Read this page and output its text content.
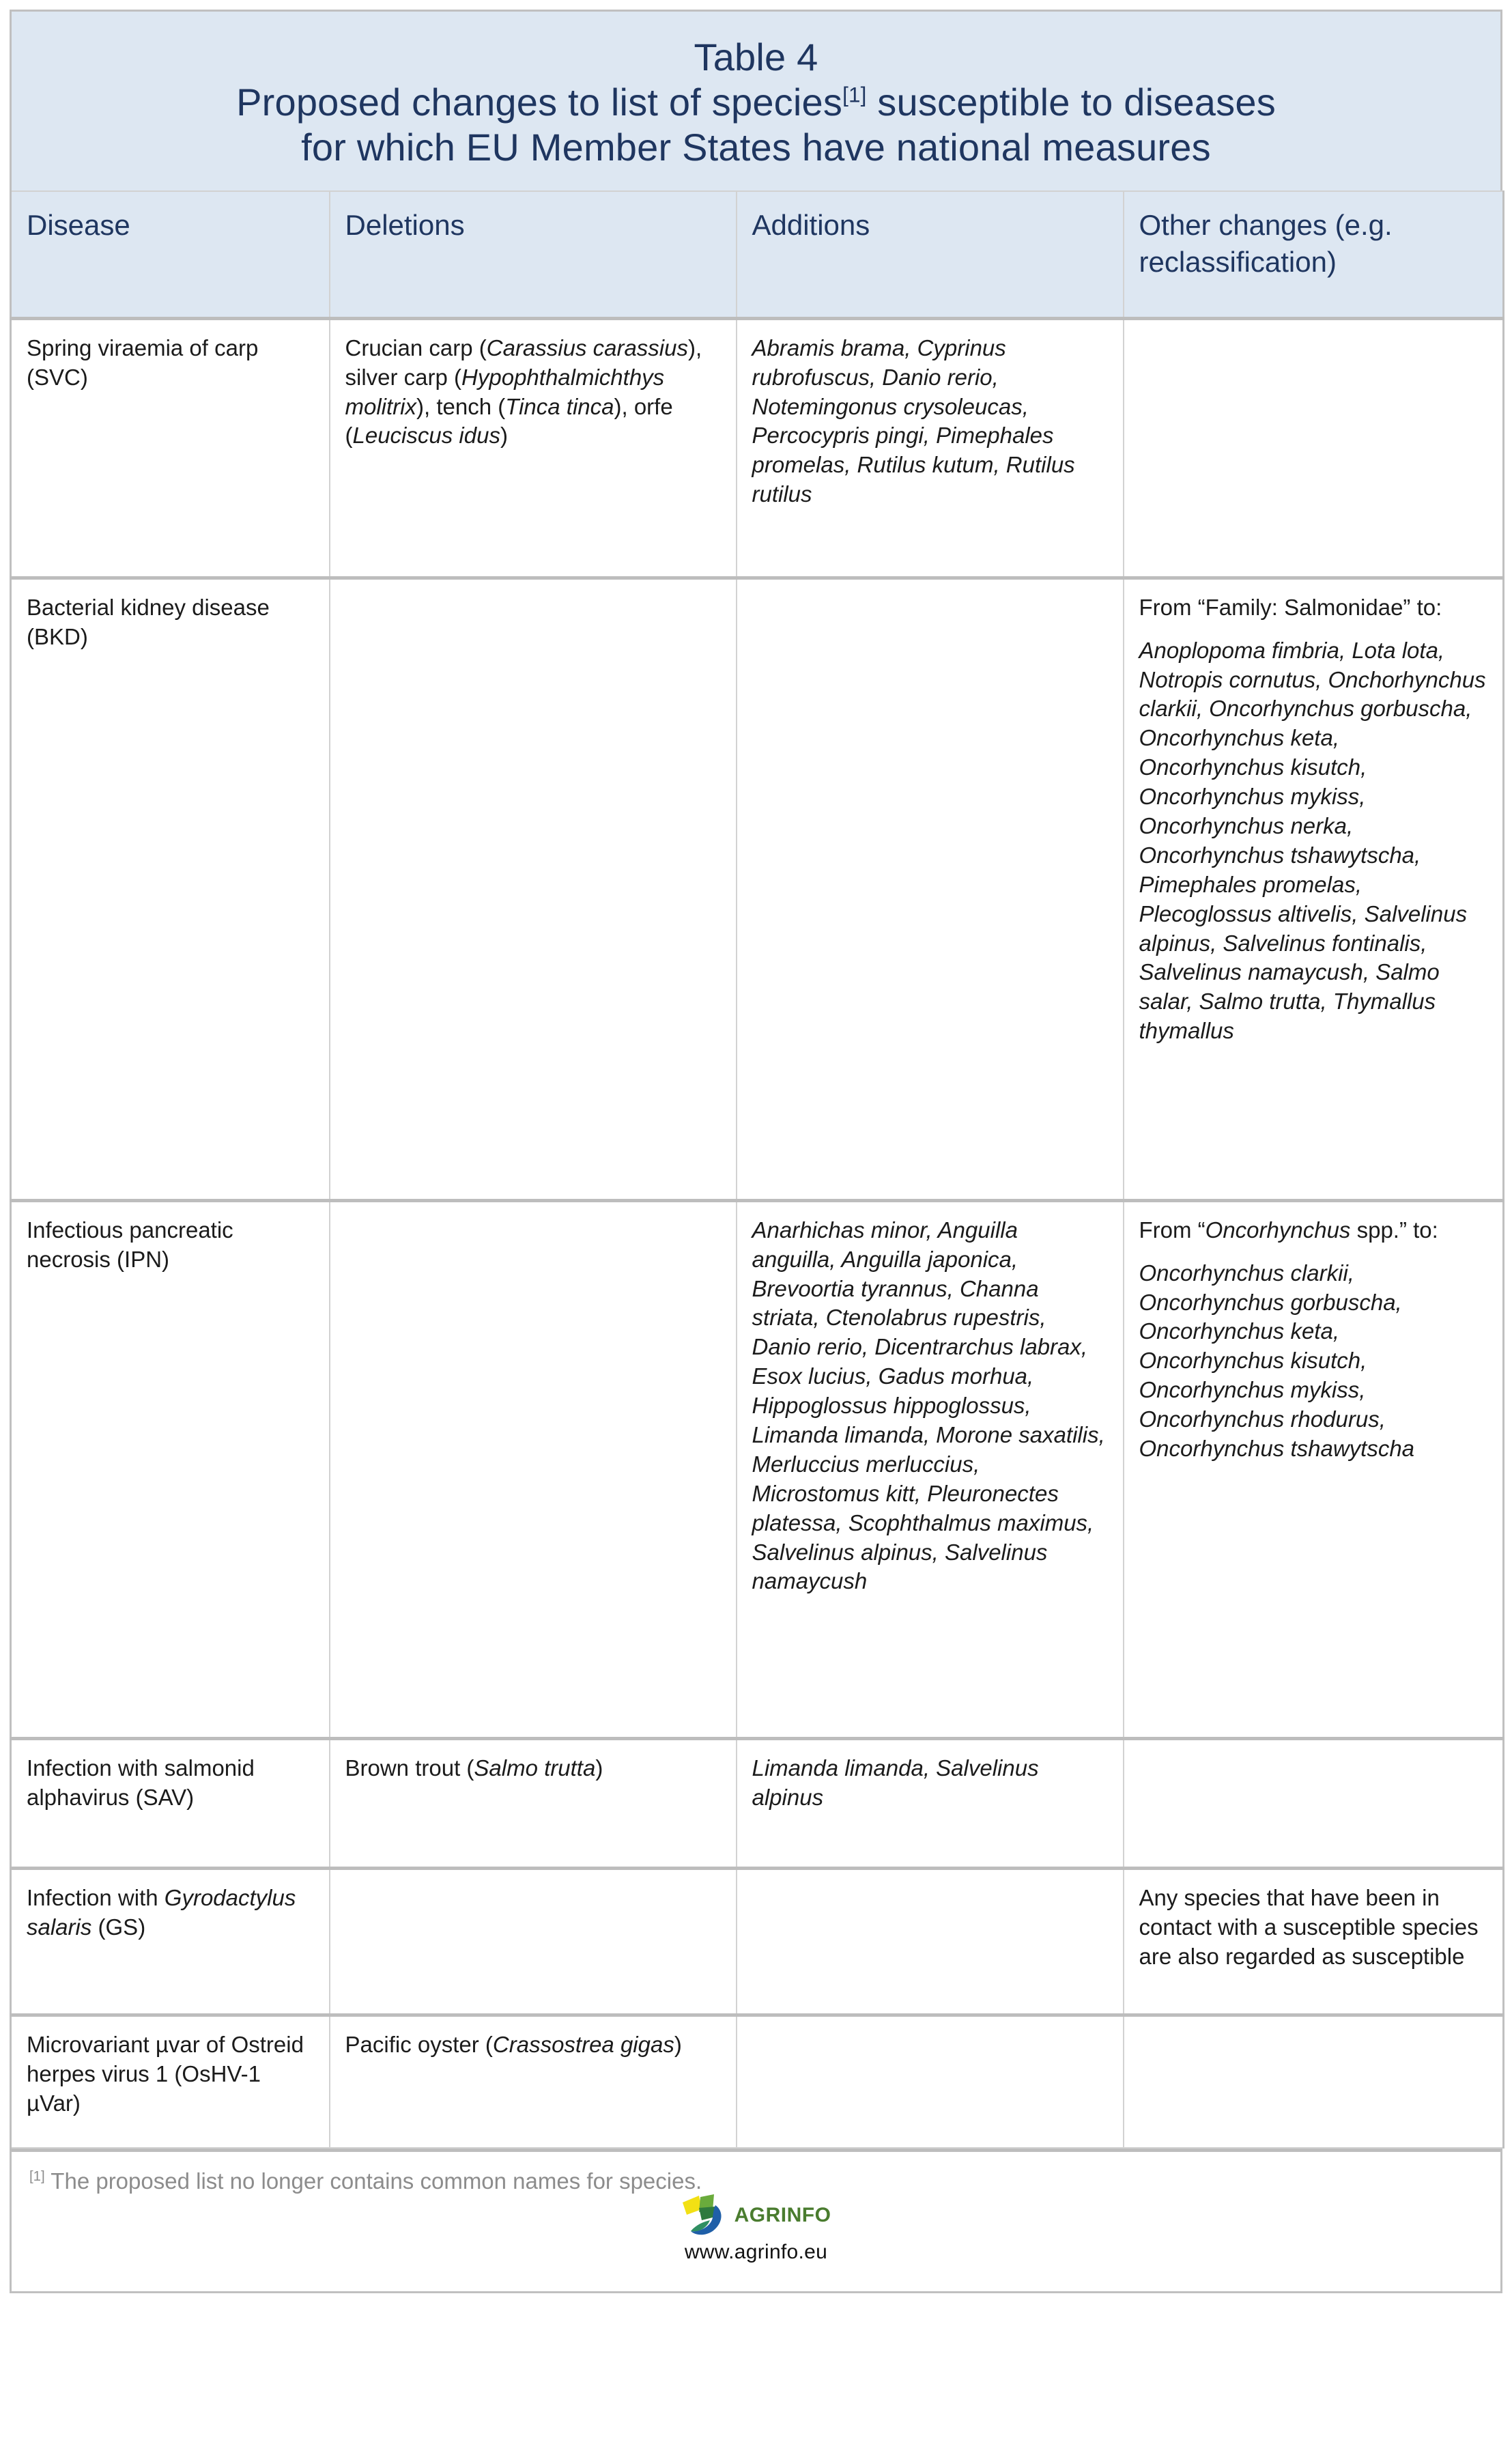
Table 4
Proposed changes to list of species[1] susceptible to diseases
for which EU Member States have national measures
Disease	Deletions	Additions	Other changes (e.g. reclassification)
Spring viraemia of carp (SVC)	Crucian carp (Carassius carassius), silver carp (Hypophthalmichthys molitrix), tench (Tinca tinca), orfe (Leuciscus idus)	Abramis brama, Cyprinus rubrofuscus, Danio rerio, Notemingonus crysoleucas, Percocypris pingi, Pimephales promelas, Rutilus kutum, Rutilus rutilus	

Bacterial kidney disease (BKD)			From “Family: Salmonidae” to:
Anoplopoma fimbria, Lota lota, Notropis cornutus, Onchorhynchus clarkii, Oncorhynchus gorbuscha, Oncorhynchus keta, Oncorhynchus kisutch, Oncorhynchus mykiss, Oncorhynchus nerka, Oncorhynchus tshawytscha, Pimephales promelas, Plecoglossus altivelis, Salvelinus alpinus, Salvelinus fontinalis, Salvelinus namaycush, Salmo salar, Salmo trutta, Thymallus thymallus

Infectious pancreatic necrosis (IPN)		Anarhichas minor, Anguilla anguilla, Anguilla japonica, Brevoortia tyrannus, Channa striata, Ctenolabrus rupestris, Danio rerio, Dicentrarchus labrax, Esox lucius, Gadus morhua, Hippoglossus hippoglossus, Limanda limanda, Morone saxatilis, Merluccius merluccius, Microstomus kitt, Pleuronectes platessa, Scophthalmus maximus, Salvelinus alpinus, Salvelinus namaycush	From “Oncorhynchus spp.” to:
Oncorhynchus clarkii, Oncorhynchus gorbuscha, Oncorhynchus keta, Oncorhynchus kisutch, Oncorhynchus mykiss, Oncorhynchus rhodurus, Oncorhynchus tshawytscha

Infection with salmonid alphavirus (SAV)	Brown trout (Salmo trutta)	Limanda limanda, Salvelinus alpinus	

Infection with Gyrodactylus salaris (GS)			Any species that have been in contact with a susceptible species are also regarded as susceptible

Microvariant µvar of Ostreid herpes virus 1 (OsHV-1 µVar)	Pacific oyster (Crassostrea gigas)		

[1] The proposed list no longer contains common names for species.
AGRINFO
www.agrinfo.eu
